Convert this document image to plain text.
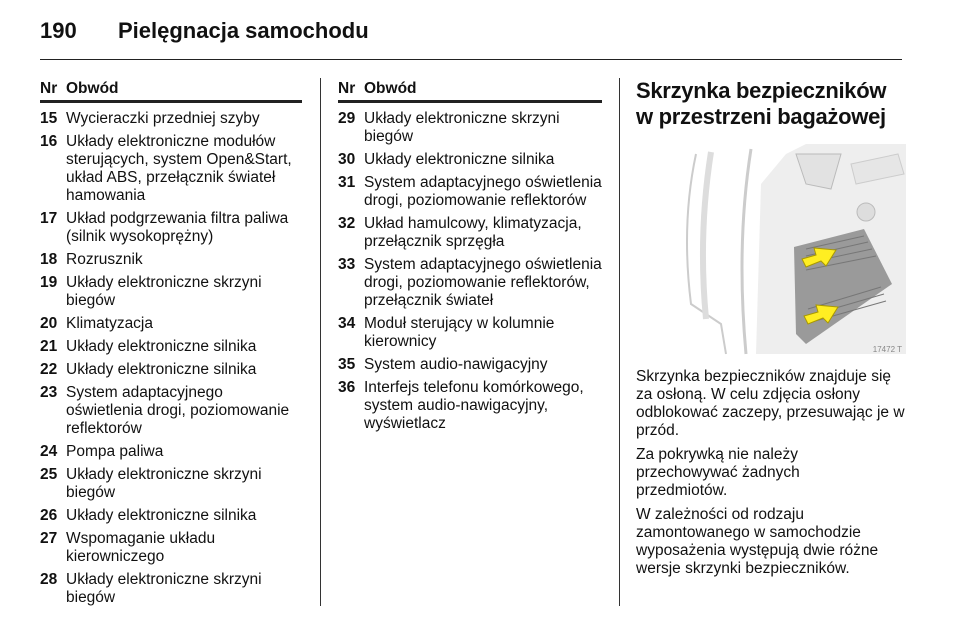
190 Pielęgnacja samochodu
Nr Obwód
15 Wycieraczki przedniej szyby
16 Układy elektroniczne modułów sterujących, system Open&Start, układ ABS, przełącznik świateł hamowania
17 Układ podgrzewania filtra paliwa (silnik wysokoprężny)
18 Rozrusznik
19 Układy elektroniczne skrzyni biegów
20 Klimatyzacja
21 Układy elektroniczne silnika
22 Układy elektroniczne silnika
23 System adaptacyjnego oświetlenia drogi, poziomowanie reflektorów
24 Pompa paliwa
25 Układy elektroniczne skrzyni biegów
26 Układy elektroniczne silnika
27 Wspomaganie układu kierowniczego
28 Układy elektroniczne skrzyni biegów
Nr Obwód
29 Układy elektroniczne skrzyni biegów
30 Układy elektroniczne silnika
31 System adaptacyjnego oświetlenia drogi, poziomowanie reflektorów
32 Układ hamulcowy, klimatyzacja, przełącznik sprzęgła
33 System adaptacyjnego oświetlenia drogi, poziomowanie reflektorów, przełącznik świateł
34 Moduł sterujący w kolumnie kierownicy
35 System audio-nawigacyjny
36 Interfejs telefonu komórkowego, system audio-nawigacyjny, wyświetlacz
Skrzynka bezpieczników
w przestrzeni bagażowej
17472 T

Skrzynka bezpieczników znajduje się za osłoną. W celu zdjęcia osłony odblokować zaczepy, przesuwając je w przód.

Za pokrywką nie należy przechowywać żadnych przedmiotów.

W zależności od rodzaju zamontowanego w samochodzie wyposażenia występują dwie różne wersje skrzynki bezpieczników.
